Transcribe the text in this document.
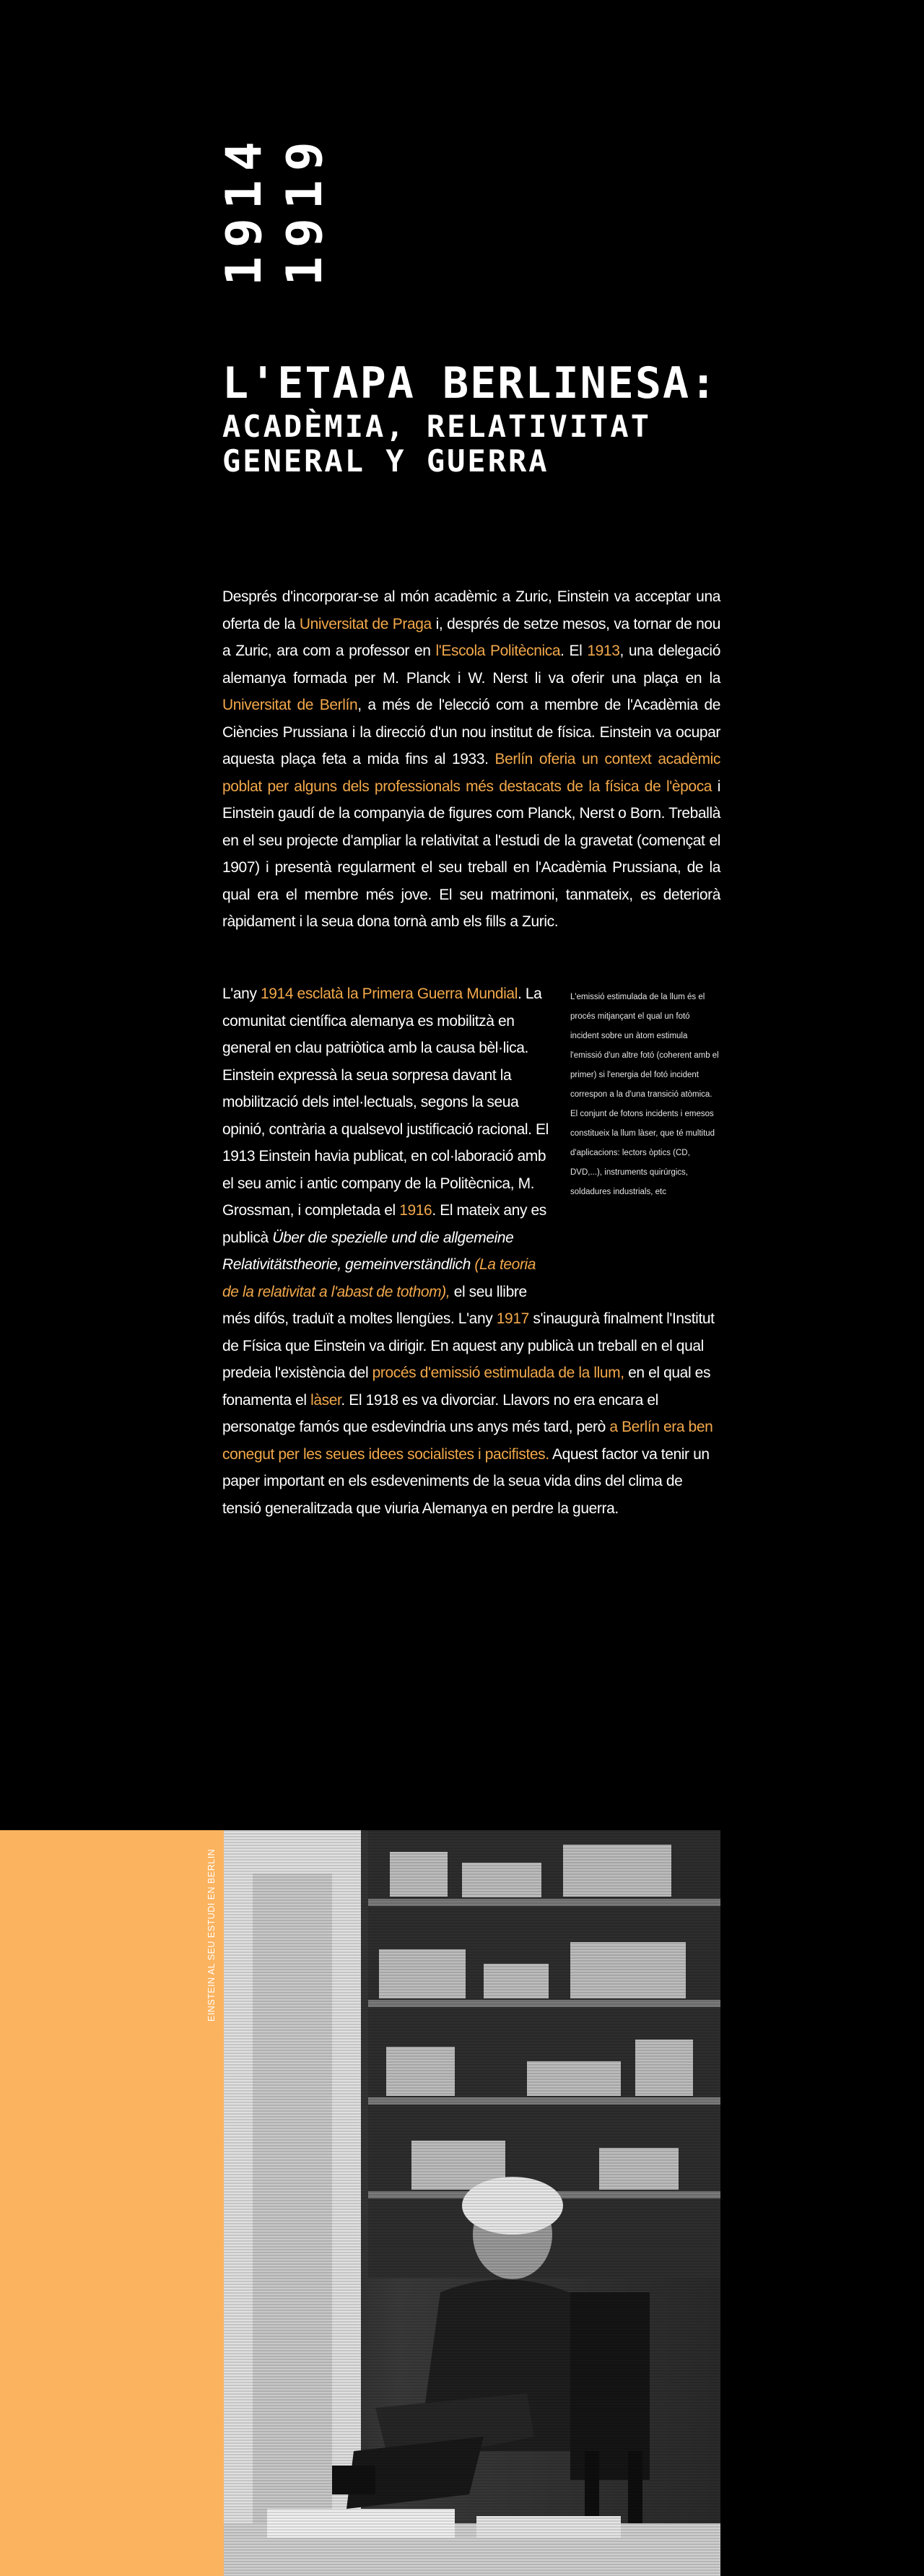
1914 1919
L'ETAPA BERLINESA:
ACADÈMIA, RELATIVITAT
GENERAL Y GUERRA
Després d'incorporar-se al món acadèmic a Zuric, Einstein va acceptar una oferta de la Universitat de Praga i, després de setze mesos, va tornar de nou a Zuric, ara com a professor en l'Escola Politècnica. El 1913, una delegació alemanya formada per M. Planck i W. Nerst li va oferir una plaça en la Universitat de Berlín, a més de l'elecció com a membre de l'Acadèmia de Ciències Prussiana i la direcció d'un nou institut de física. Einstein va ocupar aquesta plaça feta a mida fins al 1933. Berlín oferia un context acadèmic poblat per alguns dels professionals més destacats de la física de l'època i Einstein gaudí de la companyia de figures com Planck, Nerst o Born. Treballà en el seu projecte d'ampliar la relativitat a l'estudi de la gravetat (començat el 1907) i presentà regularment el seu treball en l'Acadèmia Prussiana, de la qual era el membre més jove. El seu matrimoni, tanmateix, es deteriorà ràpidament i la seua dona tornà amb els fills a Zuric.
L'emissió estimulada de la llum és el procés mitjançant el qual un fotó incident sobre un àtom estimula l'emissió d'un altre fotó (coherent amb el primer) si l'energia del fotó incident correspon a la d'una transició atòmica. El conjunt de fotons incidents i emesos constitueix la llum làser, que té multitud d'aplicacions: lectors òptics (CD, DVD,...), instruments quirúrgics, soldadures industrials, etc
L'any 1914 esclatà la Primera Guerra Mundial. La comunitat científica alemanya es mobilitzà en general en clau patriòtica amb la causa bèl·lica. Einstein expressà la seua sorpresa davant la mobilització dels intel·lectuals, segons la seua opinió, contrària a qualsevol justificació racional. El 1913 Einstein havia publicat, en col·laboració amb el seu amic i antic company de la Politècnica, M. Grossman, i completada el 1916. El mateix any es publicà Über die spezielle und die allgemeine Relativitätstheorie, gemeinverständlich (La teoria de la relativitat a l'abast de tothom), el seu llibre més difós, traduït a moltes llengües. L'any 1917 s'inaugurà finalment l'Institut de Física que Einstein va dirigir. En aquest any publicà un treball en el qual predeia l'existència del procés d'emissió estimulada de la llum, en el qual es fonamenta el làser. El 1918 es va divorciar. Llavors no era encara el personatge famós que esdevindria uns anys més tard, però a Berlín era ben conegut per les seues idees socialistes i pacifistes. Aquest factor va tenir un paper important en els esdeveniments de la seua vida dins del clima de tensió generalitzada que viuria Alemanya en perdre la guerra.
EINSTEIN AL SEU ESTUDI EN BERLIN
